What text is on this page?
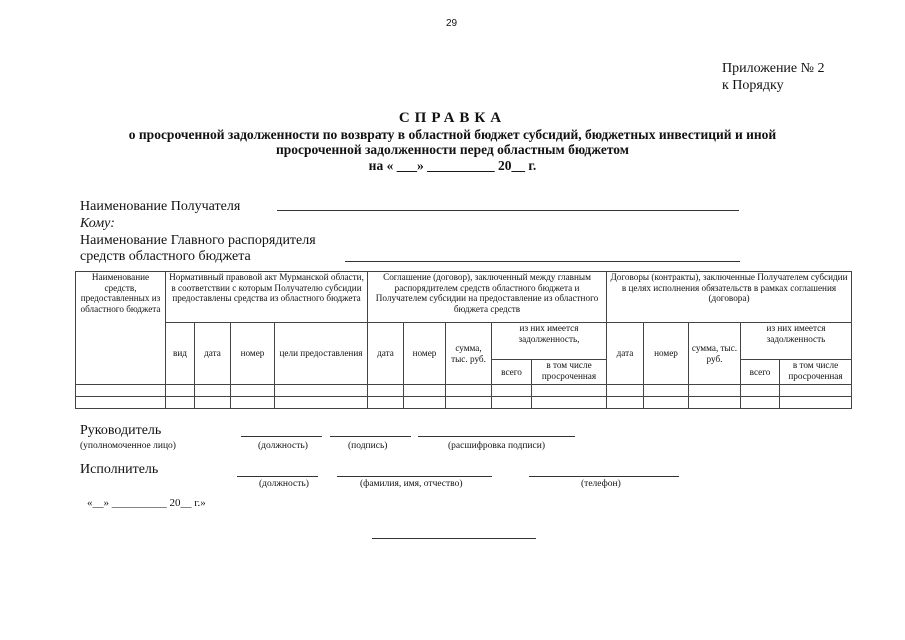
29
Приложение № 2
к Порядку
СПРАВКА
о просроченной задолженности по возврату в областной бюджет субсидий, бюджетных инвестиций и иной
просроченной задолженности перед областным бюджетом
на « ___» __________ 20__ г.
Наименование Получателя
Кому:
Наименование Главного распорядителя
средств областного бюджета
Наименование средств, предоставленных из областного бюджета	Нормативный правовой акт Мурманской области, в соответствии с которым Получателю субсидии предоставлены средства из областного бюджета				Соглашение (договор), заключенный между главным распорядителем средств областного бюджета и Получателем субсидии на предоставление из областного бюджета средств					Договоры (контракты), заключенные Получателем субсидии в целях исполнения обязательств в рамках соглашения (договора)				
	вид	дата	номер	цели предоставления	дата	номер	сумма, тыс. руб.	из них имеется задолженность,		дата	номер	сумма, тыс. руб.	из них имеется задолженность	
								всего	в том числе просроченная				всего	в том числе просроченная

Руководитель
(уполномоченное лицо)	(должность)	(подпись)	(расшифровка подписи)
Исполнитель
(должность)	(фамилия, имя, отчество)	(телефон)
«__» __________ 20__ г.»
